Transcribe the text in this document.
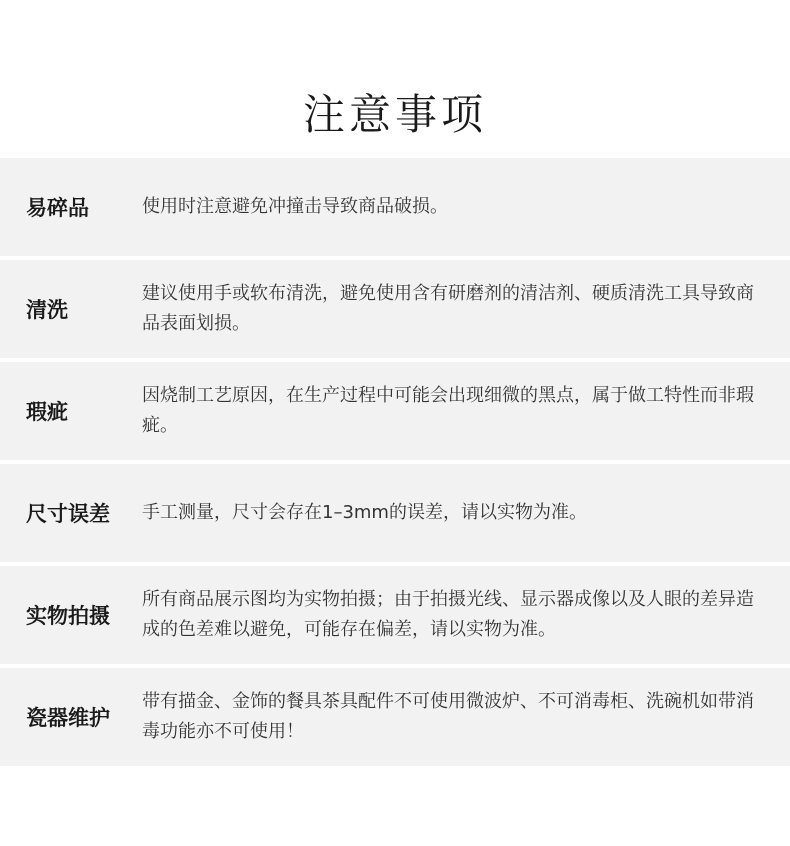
注意事项
易碎品	使用时注意避免冲撞击导致商品破损。
清洗
建议使用手或软布清洗，避免使用含有研磨剂的清洁剂、硬质清洗工具导致商品表面划损。
瑕疵
因烧制工艺原因，在生产过程中可能会出现细微的黑点，属于做工特性而非瑕疵。
尺寸误差 手工测量，尺寸会存在1–3mm的误差，请以实物为准。
实物拍摄
所有商品展示图均为实物拍摄；由于拍摄光线、显示器成像以及人眼的差异造成的色差难以避免，可能存在偏差，请以实物为准。
瓷器维护
带有描金、金饰的餐具茶具配件不可使用微波炉、不可消毒柜、洗碗机如带消毒功能亦不可使用！
